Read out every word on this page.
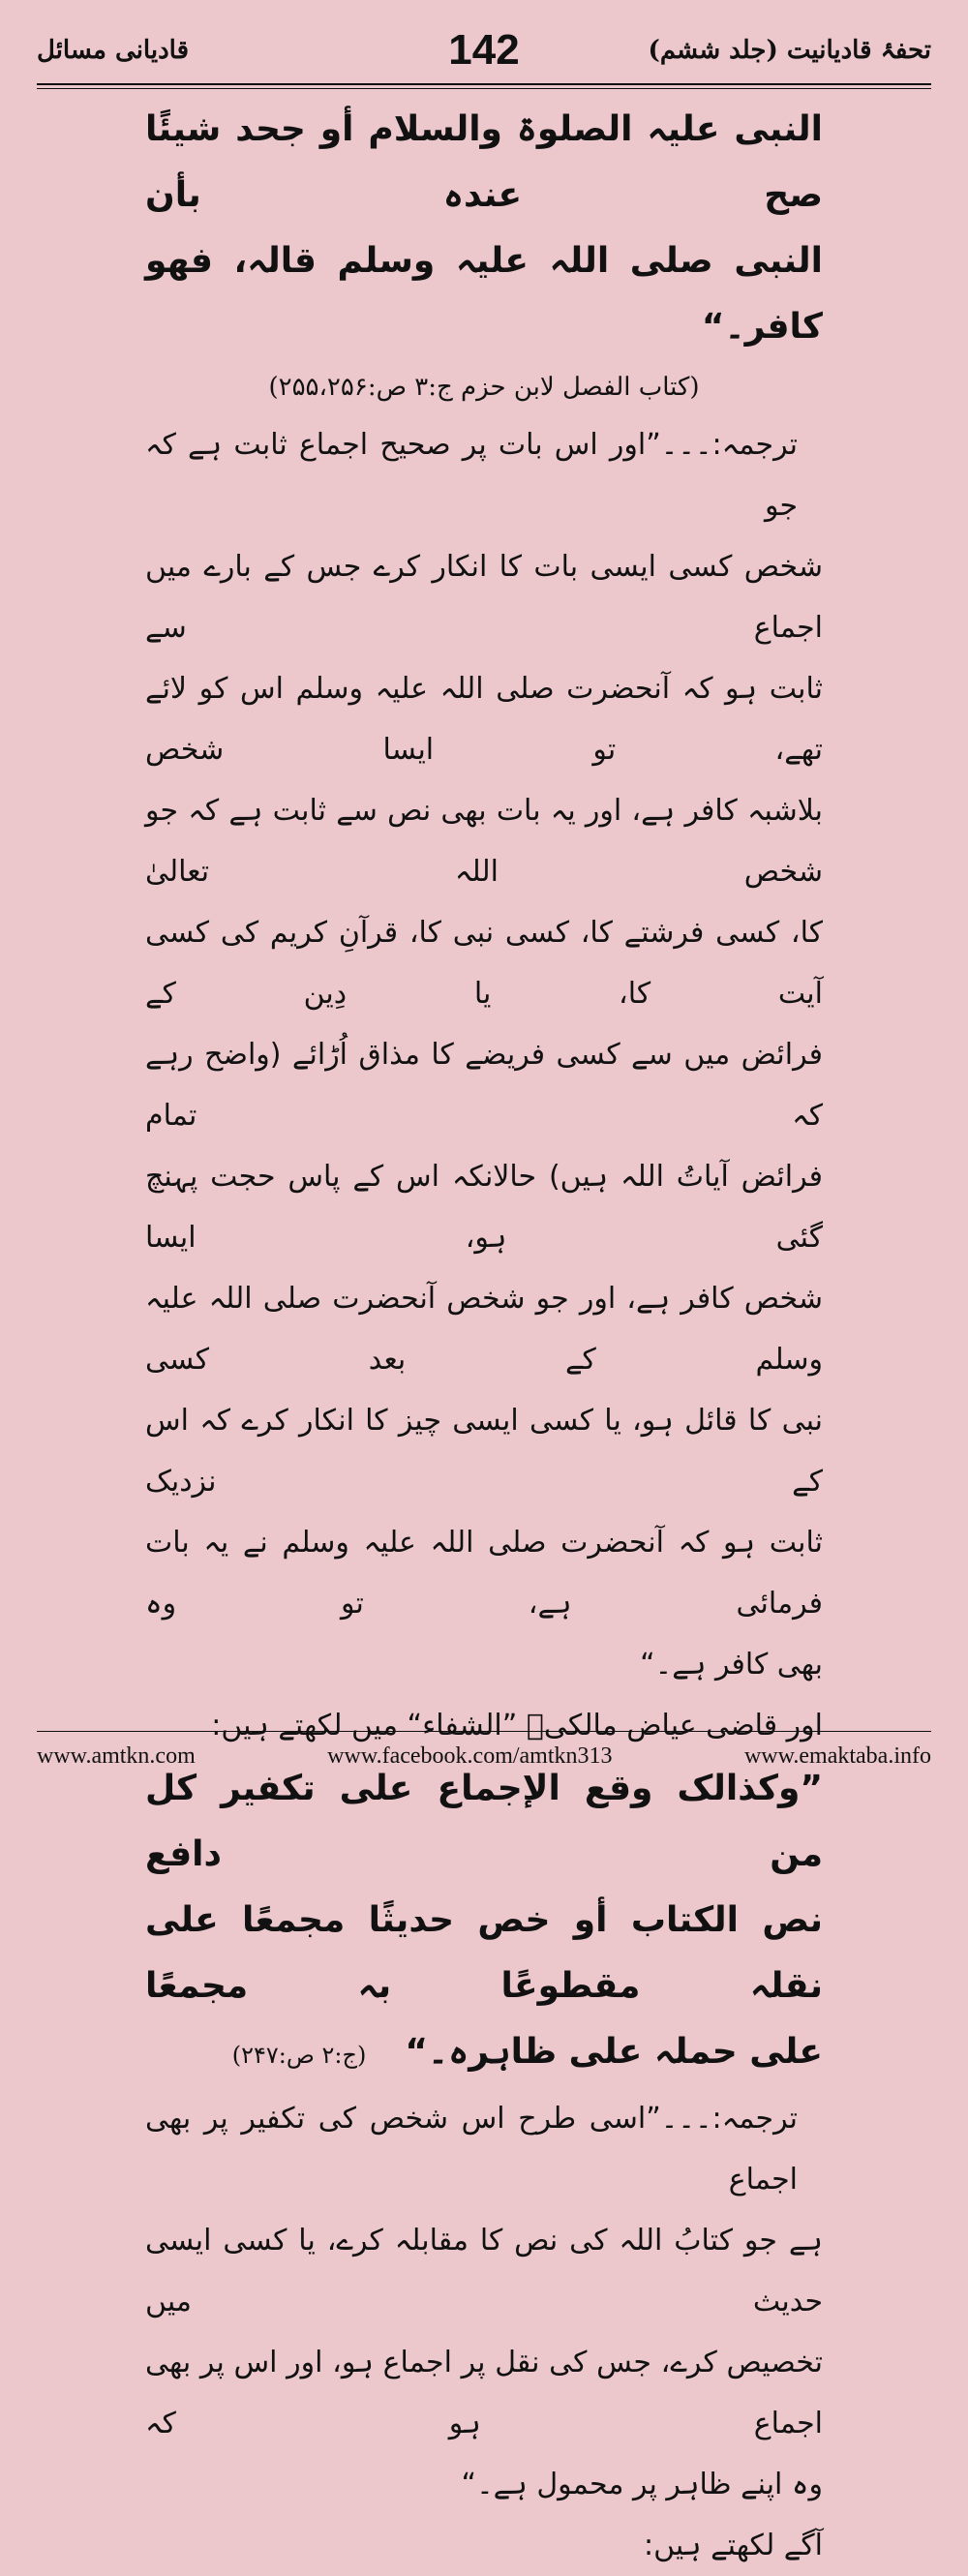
تحفۂ قادیانیت (جلد ششم)
142
قادیانی مسائل
النبی علیہ الصلوۃ والسلام أو جحد شیئًا صح عندہ بأن
النبی صلی اللہ علیہ وسلم قالہ، فھو کافر۔“
(کتاب الفصل لابن حزم ج:۳ ص:۲۵۵،۲۵۶)
ترجمہ:۔۔۔”اور اس بات پر صحیح اجماع ثابت ہے کہ جو
شخص کسی ایسی بات کا انکار کرے جس کے بارے میں اجماع سے
ثابت ہو کہ آنحضرت صلی اللہ علیہ وسلم اس کو لائے تھے، تو ایسا شخص
بلاشبہ کافر ہے، اور یہ بات بھی نص سے ثابت ہے کہ جو شخص اللہ تعالیٰ
کا، کسی فرشتے کا، کسی نبی کا، قرآنِ کریم کی کسی آیت کا، یا دِین کے
فرائض میں سے کسی فریضے کا مذاق اُڑائے (واضح رہے کہ تمام
فرائض آیاتُ اللہ ہیں) حالانکہ اس کے پاس حجت پہنچ گئی ہو، ایسا
شخص کافر ہے، اور جو شخص آنحضرت صلی اللہ علیہ وسلم کے بعد کسی
نبی کا قائل ہو، یا کسی ایسی چیز کا انکار کرے کہ اس کے نزدیک
ثابت ہو کہ آنحضرت صلی اللہ علیہ وسلم نے یہ بات فرمائی ہے، تو وہ
بھی کافر ہے۔“
اور قاضی عیاض مالکیؒ ”الشفاء“ میں لکھتے ہیں:
”وکذالک وقع الإجماع علی تکفیر کل من دافع
نص الکتاب أو خص حدیثًا مجمعًا علی نقلہ مقطوعًا بہ مجمعًا
علی حملہ علی ظاہرہ۔“(ج:۲ ص:۲۴۷)
ترجمہ:۔۔۔”اسی طرح اس شخص کی تکفیر پر بھی اجماع
ہے جو کتابُ اللہ کی نص کا مقابلہ کرے، یا کسی ایسی حدیث میں
تخصیص کرے، جس کی نقل پر اجماع ہو، اور اس پر بھی اجماع ہو کہ
وہ اپنے ظاہر پر محمول ہے۔“
آگے لکھتے ہیں:
www.amtkn.com	www.facebook.com/amtkn313	www.emaktaba.info
